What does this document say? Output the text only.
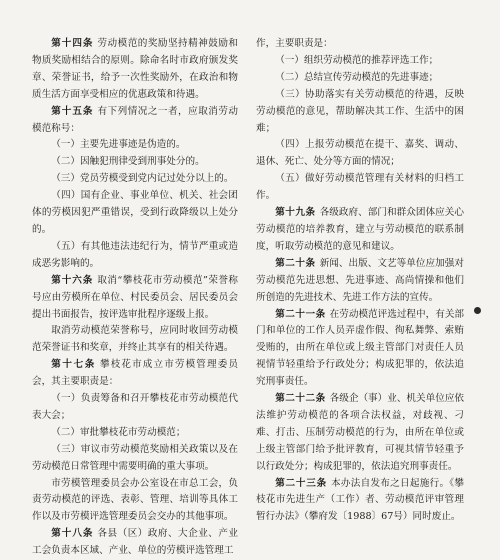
第十四条 劳动模范的奖励坚持精神鼓励和物质奖励相结合的原则。除命名时市政府颁发奖章、荣誉证书，给予一次性奖励外，在政治和物质生活方面享受相应的优惠政策和待遇。

第十五条 有下列情况之一者，应取消劳动模范称号：

（一）主要先进事迹是伪造的。

（二）因触犯刑律受到刑事处分的。

（三）党员劳模受到党内记过处分以上的。

（四）国有企业、事业单位、机关、社会团体的劳模因犯严重错误，受到行政降级以上处分的。

（五）有其他违法违纪行为，情节严重或造成恶劣影响的。

第十六条 取消“攀枝花市劳动模范”荣誉称号应由劳模所在单位、村民委员会、居民委员会提出书面报告，按评选审批程序逐级上报。

取消劳动模范荣誉称号，应同时收回劳动模范荣誉证书和奖章，并终止其享有的相关待遇。

第十七条 攀枝花市成立市劳模管理委员会，其主要职责是：

（一）负责筹备和召开攀枝花市劳动模范代表大会；

（二）审批攀枝花市劳动模范；

（三）审议市劳动模范奖励相关政策以及在劳动模范日常管理中需要明确的重大事项。

市劳模管理委员会办公室设在市总工会，负责劳动模范的评选、表彰、管理、培训等具体工作以及市劳模评选管理委员会交办的其他事项。

第十八条 各县（区）政府、大企业、产业工会负责本区域、产业、单位的劳模评选管理工

作，主要职责是：

（一）组织劳动模范的推荐评选工作；

（二）总结宣传劳动模范的先进事迹；

（三）协助落实有关劳动模范的待遇，反映劳动模范的意见，帮助解决其工作、生活中的困难；

（四）上报劳动模范在提干、嘉奖、调动、退休、死亡、处分等方面的情况；

（五）做好劳动模范管理有关材料的归档工作。

第十九条 各级政府、部门和群众团体应关心劳动模范的培养教育，建立与劳动模范的联系制度，听取劳动模范的意见和建议。

第二十条 新闻、出版、文艺等单位应加强对劳动模范先进思想、先进事迹、高尚情操和他们所创造的先进技术、先进工作方法的宣传。

第二十一条 在劳动模范评选过程中，有关部门和单位的工作人员弄虚作假、徇私舞弊、索贿受贿的，由所在单位或上级主管部门对责任人员视情节轻重给予行政处分；构成犯罪的，依法追究刑事责任。

第二十二条 各级企（事）业、机关单位应依法维护劳动模范的各项合法权益，对歧视、刁难、打击、压制劳动模范的行为，由所在单位或上级主管部门给予批评教育，可视其情节轻重予以行政处分；构成犯罪的，依法追究刑事责任。

第二十三条 本办法自发布之日起施行。《攀枝花市先进生产（工作）者、劳动模范评审管理暂行办法》（攀府发〔1988〕67号）同时废止。
